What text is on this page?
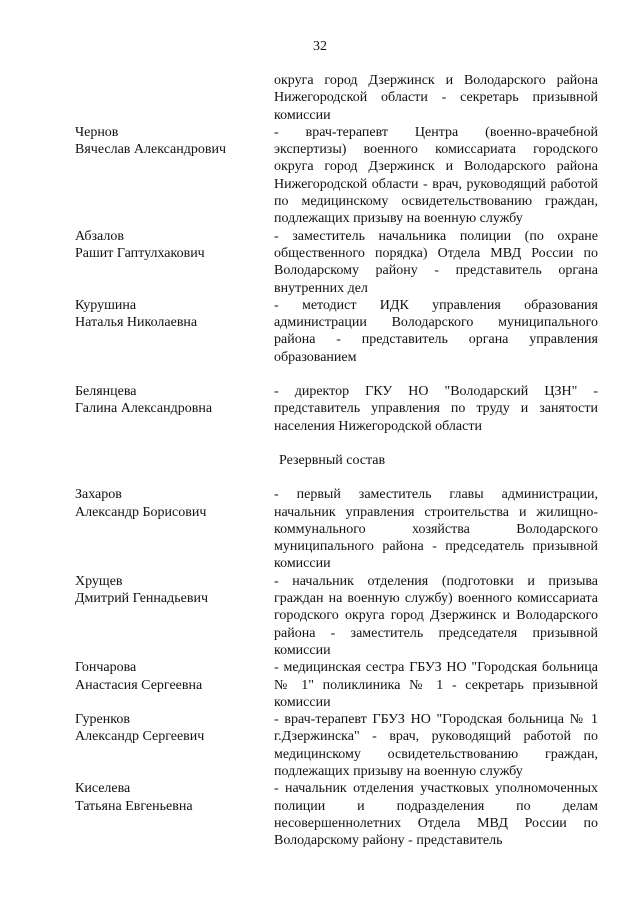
32
округа город Дзержинск и Володарского района Нижегородской области - секретарь призывной комиссии
Чернов
Вячеслав Александрович
- врач-терапевт Центра (военно-врачебной экспертизы) военного комиссариата городского округа город Дзержинск и Володарского района Нижегородской области - врач, руководящий работой по медицинскому освидетельствованию граждан, подлежащих призыву на военную службу
Абзалов
Рашит Гаптулхакович
- заместитель начальника полиции (по охране общественного порядка) Отдела МВД России по Володарскому району - представитель органа внутренних дел
Курушина
Наталья Николаевна
- методист ИДК управления образования администрации Володарского муниципального района - представитель органа управления образованием
Белянцева
Галина Александровна
- директор ГКУ НО "Володарский ЦЗН" - представитель управления по труду и занятости населения Нижегородской области
Резервный состав
Захаров
Александр Борисович
- первый заместитель главы администрации, начальник управления строительства и жилищно-коммунального хозяйства Володарского муниципального района - председатель призывной комиссии
Хрущев
Дмитрий Геннадьевич
- начальник отделения (подготовки и призыва граждан на военную службу) военного комиссариата городского округа город Дзержинск и Володарского района - заместитель председателя призывной комиссии
Гончарова
Анастасия Сергеевна
- медицинская сестра ГБУЗ НО "Городская больница № 1" поликлиника № 1 - секретарь призывной комиссии
Гуренков
Александр Сергеевич
- врач-терапевт ГБУЗ НО "Городская больница № 1 г.Дзержинска" - врач, руководящий работой по медицинскому освидетельствованию граждан, подлежащих призыву на военную службу
Киселева
Татьяна Евгеньевна
- начальник отделения участковых уполномоченных полиции и подразделения по делам несовершеннолетних Отдела МВД России по Володарскому району - представитель
